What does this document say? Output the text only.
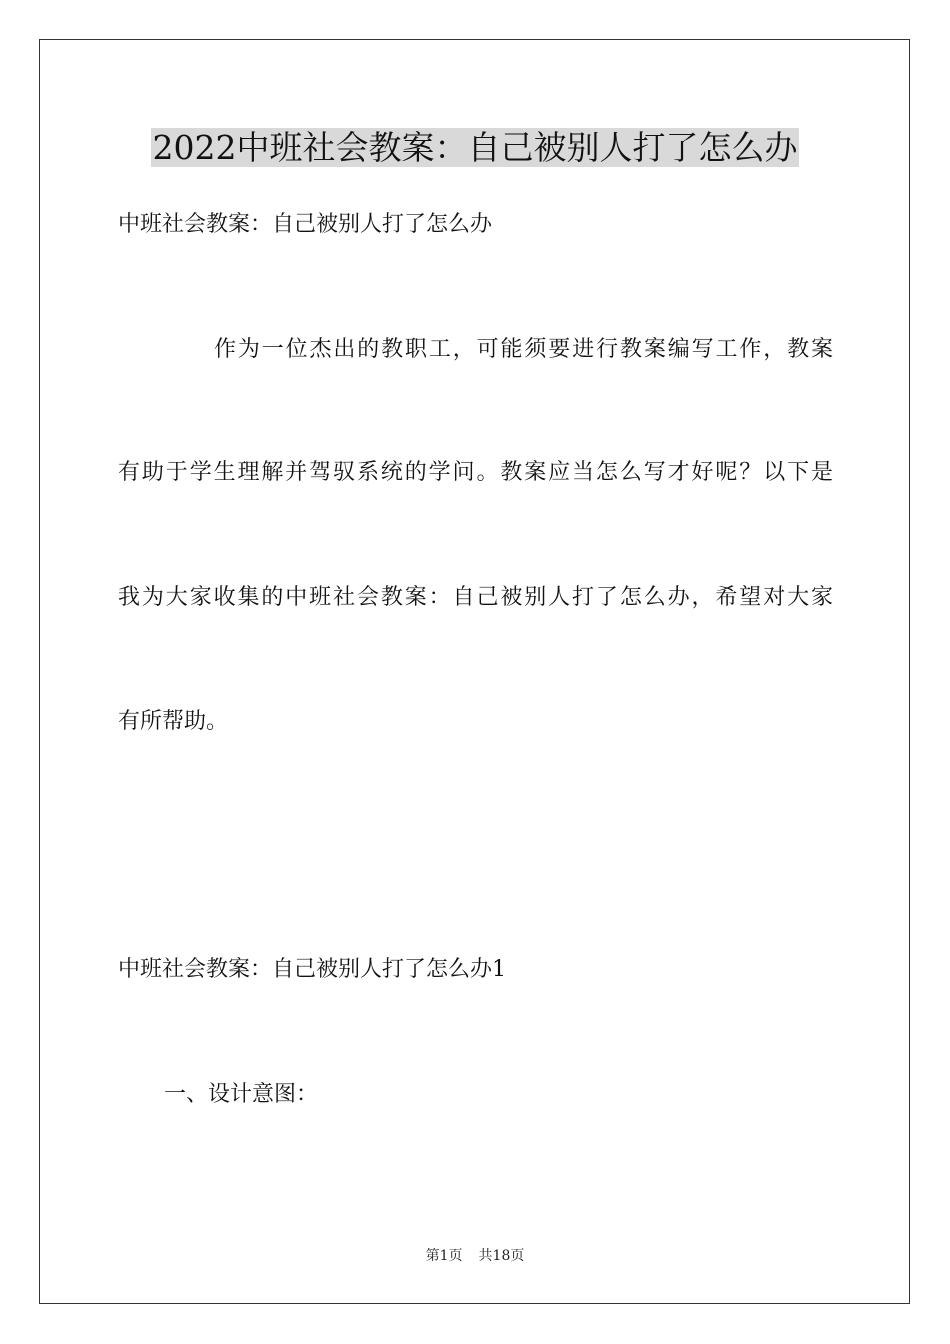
2022中班社会教案：自己被别人打了怎么办

中班社会教案：自己被别人打了怎么办

作为一位杰出的教职工，可能须要进行教案编写工作，教案

有助于学生理解并驾驭系统的学问。教案应当怎么写才好呢？以下是

我为大家收集的中班社会教案：自己被别人打了怎么办，希望对大家

有所帮助。

中班社会教案：自己被别人打了怎么办1

一、设计意图：

第1页 共18页
